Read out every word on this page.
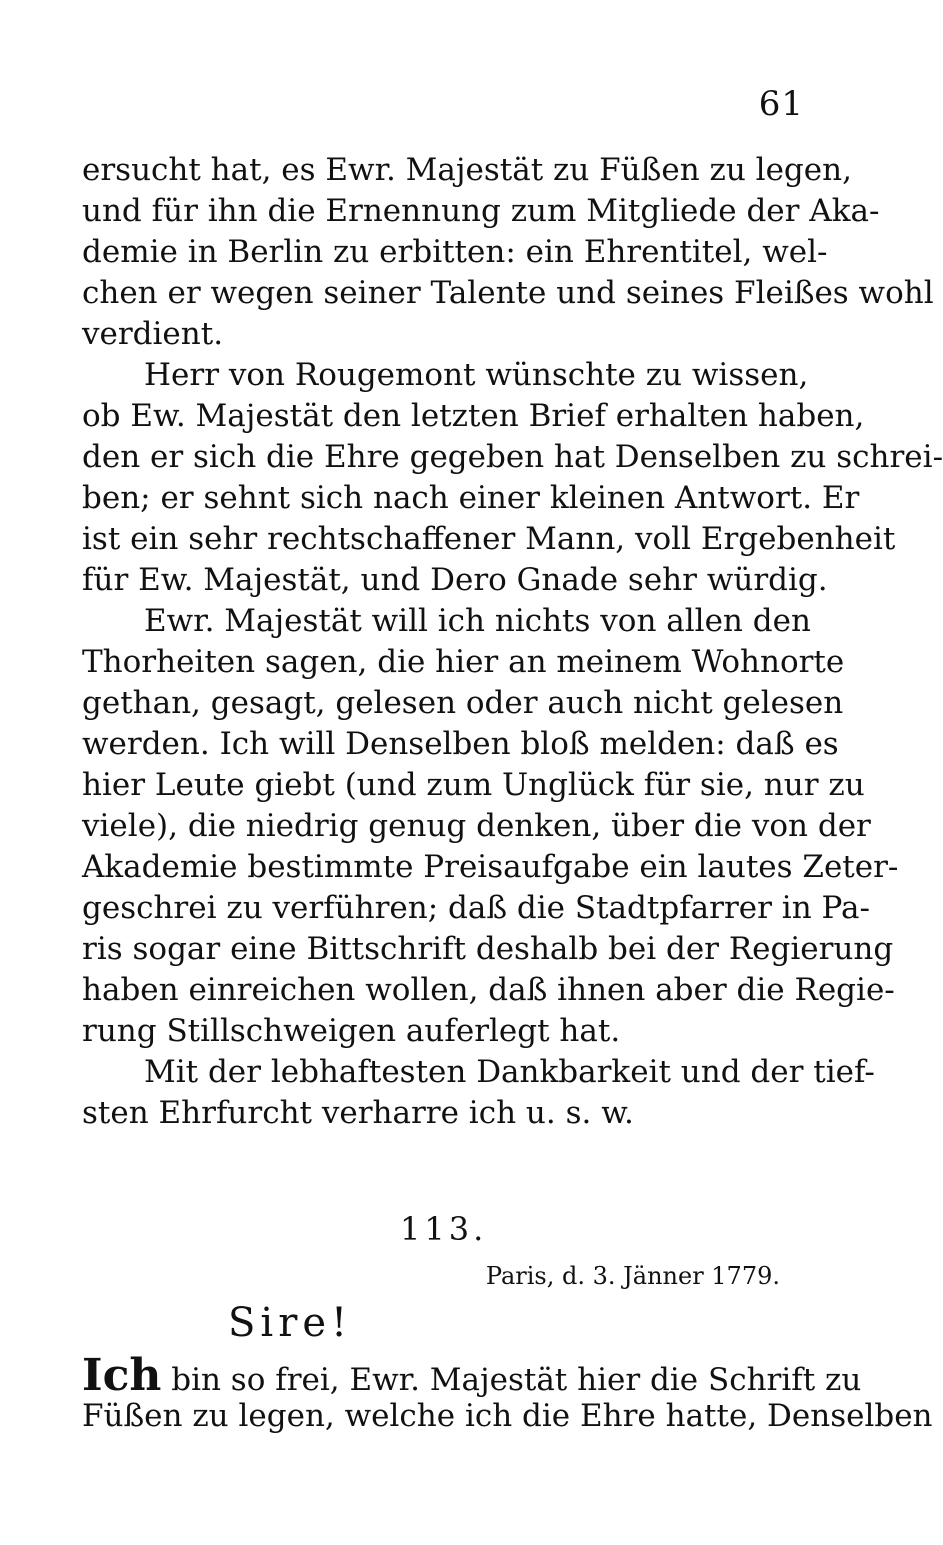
61
ersucht hat, es Ewr. Majestät zu Füßen zu legen,
und für ihn die Ernennung zum Mitgliede der Aka-
demie in Berlin zu erbitten: ein Ehrentitel, wel-
chen er wegen seiner Talente und seines Fleißes wohl
verdient.
Herr von Rougemont wünschte zu wissen,
ob Ew. Majestät den letzten Brief erhalten haben,
den er sich die Ehre gegeben hat Denselben zu schrei-
ben; er sehnt sich nach einer kleinen Antwort. Er
ist ein sehr rechtschaffener Mann, voll Ergebenheit
für Ew. Majestät, und Dero Gnade sehr würdig.
Ewr. Majestät will ich nichts von allen den
Thorheiten sagen, die hier an meinem Wohnorte
gethan, gesagt, gelesen oder auch nicht gelesen
werden. Ich will Denselben bloß melden: daß es
hier Leute giebt (und zum Unglück für sie, nur zu
viele), die niedrig genug denken, über die von der
Akademie bestimmte Preisaufgabe ein lautes Zeter-
geschrei zu verführen; daß die Stadtpfarrer in Pa-
ris sogar eine Bittschrift deshalb bei der Regierung
haben einreichen wollen, daß ihnen aber die Regie-
rung Stillschweigen auferlegt hat.
Mit der lebhaftesten Dankbarkeit und der tief-
sten Ehrfurcht verharre ich u. s. w.
113.
Paris, d. 3. Jänner 1779.
Sire!
Ich bin so frei, Ewr. Majestät hier die Schrift zu
Füßen zu legen, welche ich die Ehre hatte, Denselben
